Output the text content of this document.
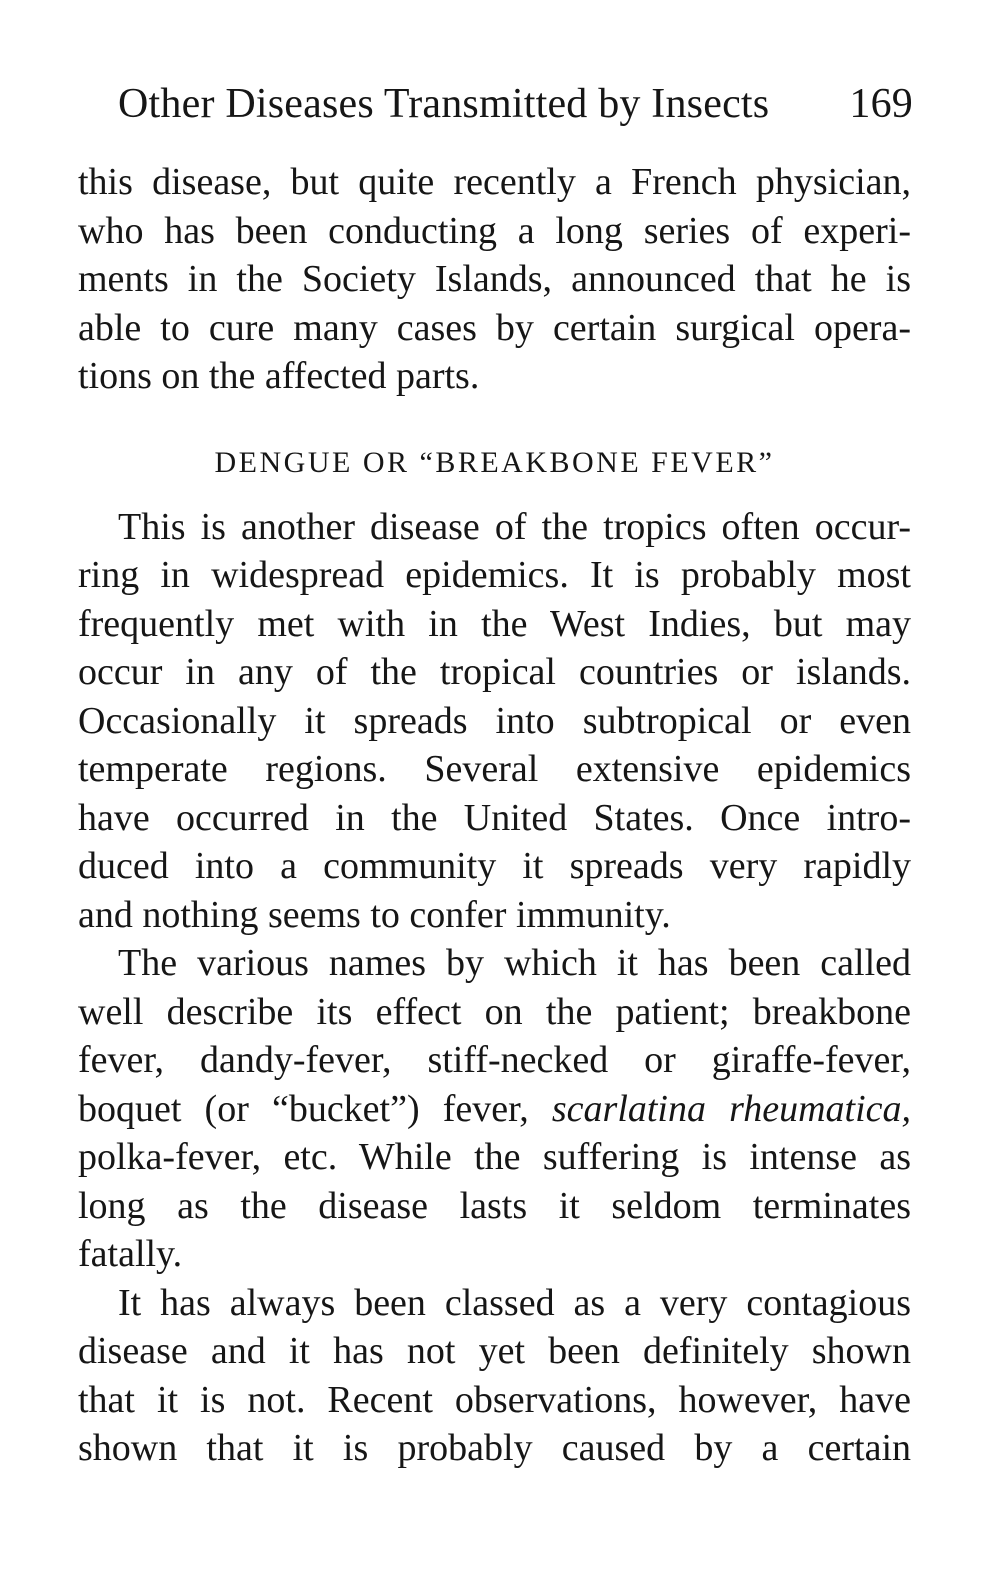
Other Diseases Transmitted by Insects 169

this disease, but quite recently a French physician,
who has been conducting a long series of experi-
ments in the Society Islands, announced that he is
able to cure many cases by certain surgical opera-
tions on the affected parts.

DENGUE OR “BREAKBONE FEVER”

This is another disease of the tropics often occur-
ring in widespread epidemics. It is probably most
frequently met with in the West Indies, but may
occur in any of the tropical countries or islands.
Occasionally it spreads into subtropical or even
temperate regions. Several extensive epidemics
have occurred in the United States. Once intro-
duced into a community it spreads very rapidly
and nothing seems to confer immunity.

The various names by which it has been called
well describe its effect on the patient; breakbone
fever, dandy-fever, stiff-necked or giraffe-fever,
boquet (or “bucket”) fever, scarlatina rheumatica,
polka-fever, etc. While the suffering is intense as
long as the disease lasts it seldom terminates
fatally.

It has always been classed as a very contagious
disease and it has not yet been definitely shown
that it is not. Recent observations, however, have
shown that it is probably caused by a certain
